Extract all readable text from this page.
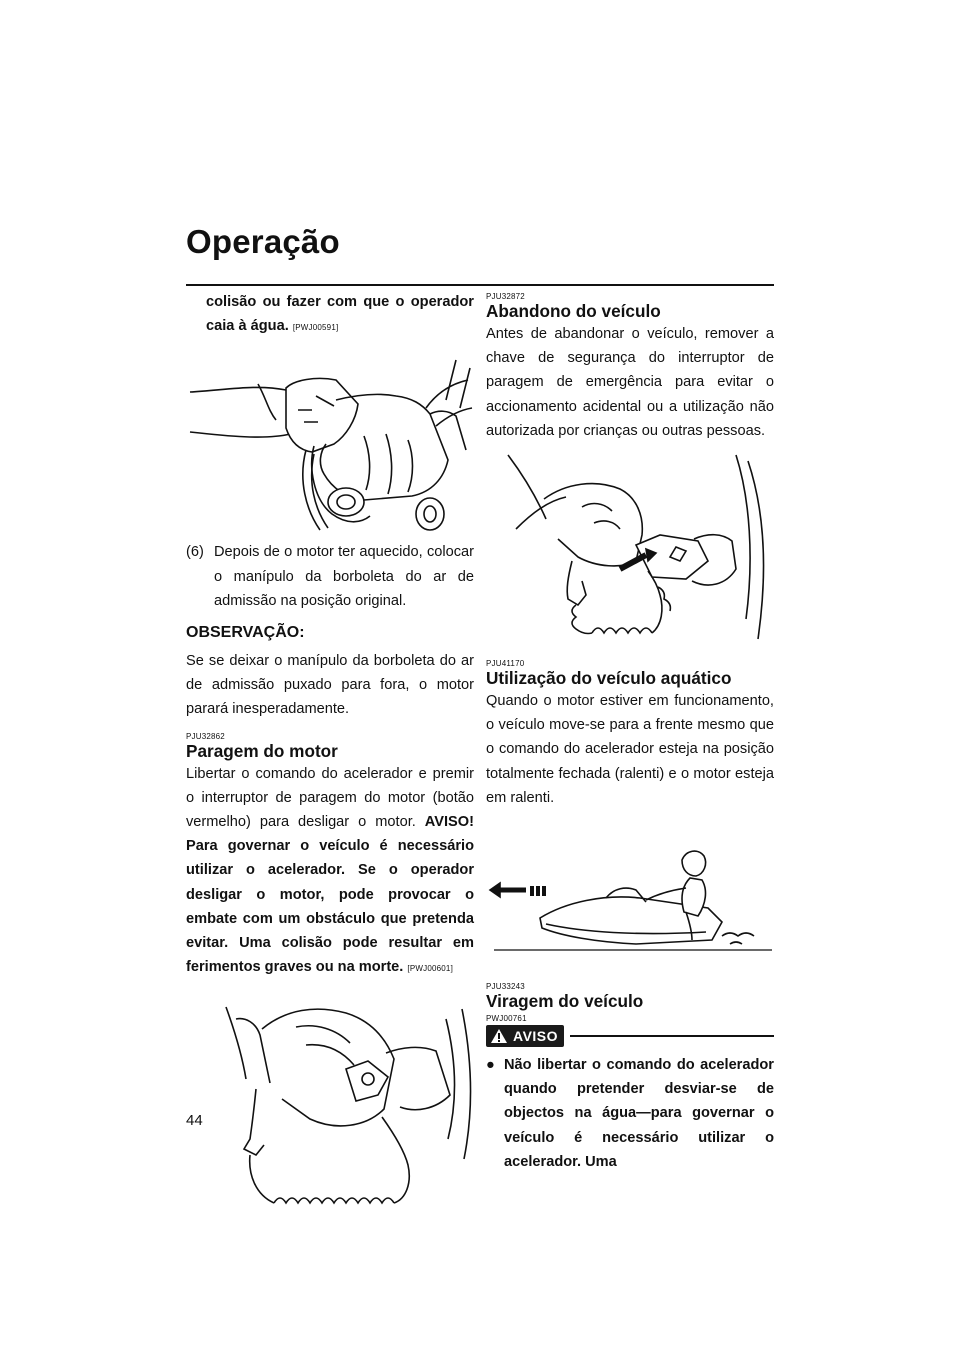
Operação

colisão ou fazer com que o operador caia à água. [PWJ00591]

(6) Depois de o motor ter aquecido, colocar o manípulo da borboleta do ar de admissão na posição original.
OBSERVAÇÃO:

Se se deixar o manípulo da borboleta do ar de admissão puxado para fora, o motor parará inesperadamente.

PJU32862
Paragem do motor

Libertar o comando do acelerador e premir o interruptor de paragem do motor (botão vermelho) para desligar o motor. AVISO! Para governar o veículo é necessário utilizar o acelerador. Se o operador desligar o motor, pode provocar o embate com um obstáculo que pretenda evitar. Uma colisão pode resultar em ferimentos graves ou na morte. [PWJ00601]

PJU32872
Abandono do veículo

Antes de abandonar o veículo, remover a chave de segurança do interruptor de paragem de emergência para evitar o accionamento acidental ou a utilização não autorizada por crianças ou outras pessoas.

PJU41170
Utilização do veículo aquático

Quando o motor estiver em funcionamento, o veículo move-se para a frente mesmo que o comando do acelerador esteja na posição totalmente fechada (ralenti) e o motor esteja em ralenti.

PJU33243
Viragem do veículo
PWJ00761
AVISO
● Não libertar o comando do acelerador quando pretender desviar-se de objectos na água—para governar o veículo é necessário utilizar o acelerador. Uma
44
